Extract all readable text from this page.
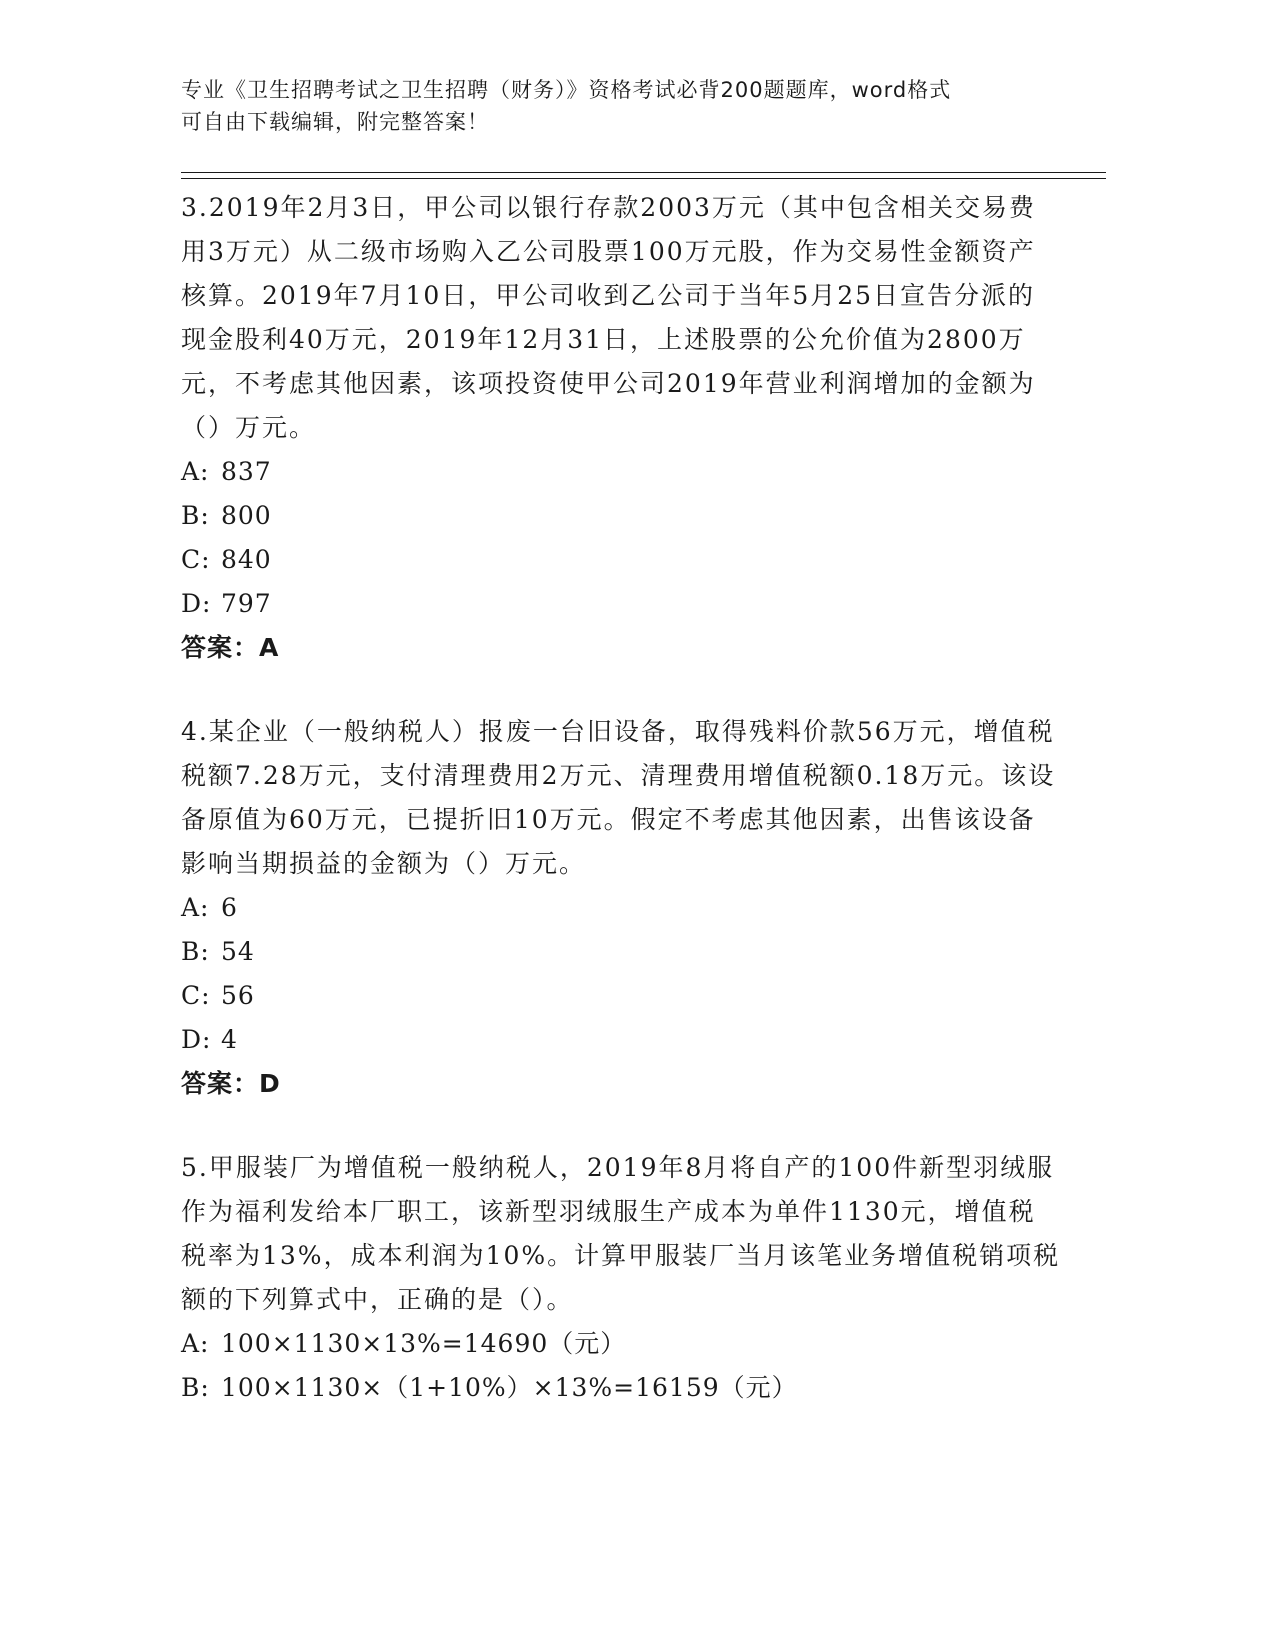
专业《卫生招聘考试之卫生招聘（财务）》资格考试必背200题题库，word格式
可自由下载编辑，附完整答案！

3.2019年2月3日，甲公司以银行存款2003万元（其中包含相关交易费用3万元）从二级市场购入乙公司股票100万元股，作为交易性金额资产核算。2019年7月10日，甲公司收到乙公司于当年5月25日宣告分派的现金股利40万元，2019年12月31日，上述股票的公允价值为2800万元，不考虑其他因素，该项投资使甲公司2019年营业利润增加的金额为（）万元。

A: 837
B: 800
C: 840
D: 797
答案：A

4.某企业（一般纳税人）报废一台旧设备，取得残料价款56万元，增值税税额7.28万元，支付清理费用2万元、清理费用增值税额0.18万元。该设备原值为60万元，已提折旧10万元。假定不考虑其他因素，出售该设备影响当期损益的金额为（）万元。

A: 6
B: 54
C: 56
D: 4
答案：D

5.甲服装厂为增值税一般纳税人，2019年8月将自产的100件新型羽绒服作为福利发给本厂职工，该新型羽绒服生产成本为单件1130元，增值税税率为13%，成本利润为10%。计算甲服装厂当月该笔业务增值税销项税额的下列算式中，正确的是（）。

A: 100×1130×13%=14690（元）
B: 100×1130×（1+10%）×13%=16159（元）
